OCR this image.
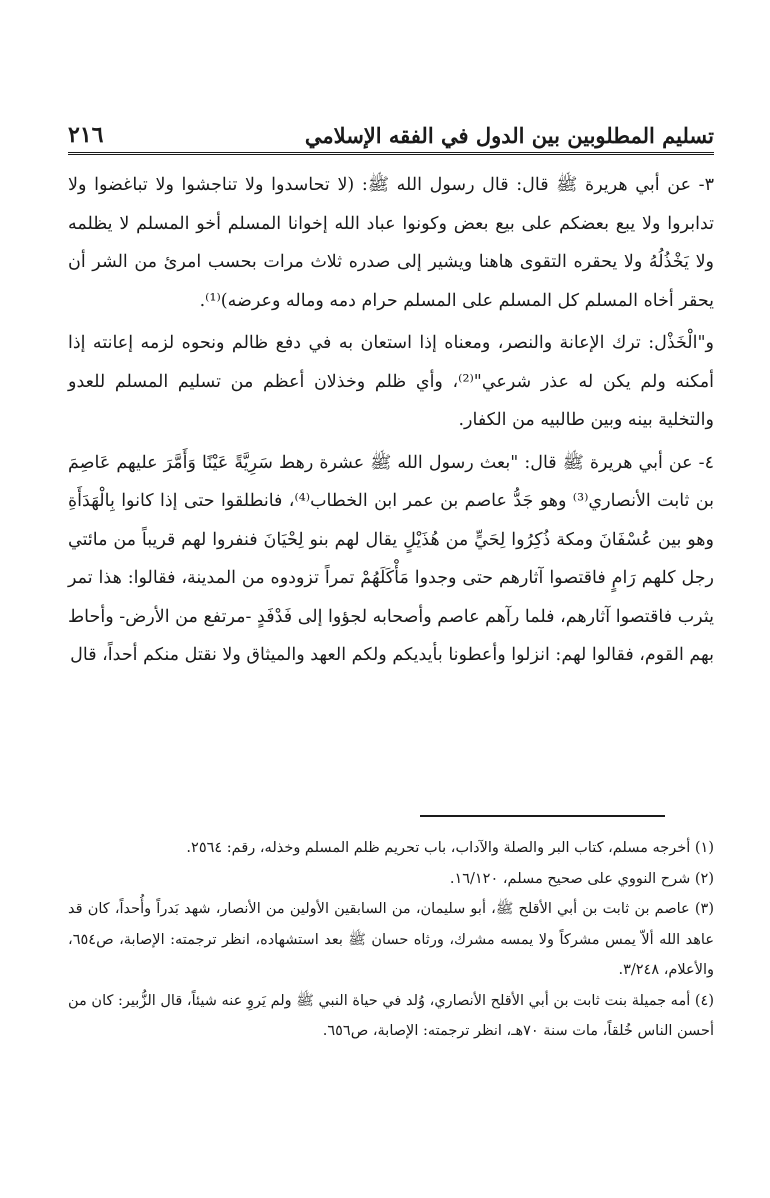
تسليم المطلوبين بين الدول في الفقه الإسلامي
٢١٦

٣- عن أبي هريرة ﷺ قال: قال رسول الله ﷺ: (لا تحاسدوا ولا تناجشوا ولا تباغضوا ولا تدابروا ولا يبع بعضكم على بيع بعض وكونوا عباد الله إخوانا المسلم أخو المسلم لا يظلمه ولا يَخْذُلُهُ ولا يحقره التقوى هاهنا ويشير إلى صدره ثلاث مرات بحسب امرئ من الشر أن يحقر أخاه المسلم كل المسلم على المسلم حرام دمه وماله وعرضه)⁽¹⁾.

و"الْخَذْل: ترك الإعانة والنصر، ومعناه إذا استعان به في دفع ظالم ونحوه لزمه إعانته إذا أمكنه ولم يكن له عذر شرعي"⁽²⁾، وأي ظلم وخذلان أعظم من تسليم المسلم للعدو والتخلية بينه وبين طالبيه من الكفار.

٤- عن أبي هريرة ﷺ قال: "بعث رسول الله ﷺ عشرة رهط سَرِيَّةً عَيْنًا وَأَمَّرَ عليهم عَاصِمَ بن ثابت الأنصاري⁽³⁾ وهو جَدُّ عاصم بن عمر ابن الخطاب⁽⁴⁾، فانطلقوا حتى إذا كانوا بِالْهَدَأَةِ وهو بين عُسْفَانَ ومكة ذُكِرُوا لِحَيٍّ من هُذَيْلٍ يقال لهم بنو لِحْيَانَ فنفروا لهم قريباً من مائتي رجل كلهم رَامٍ فاقتصوا آثارهم حتى وجدوا مَأْكَلَهُمْ تمراً تزودوه من المدينة، فقالوا: هذا تمر يثرب فاقتصوا آثارهم، فلما رآهم عاصم وأصحابه لجؤوا إلى فَدْفَدٍ -مرتفع من الأرض- وأحاط بهم القوم، فقالوا لهم: انزلوا وأعطونا بأيديكم ولكم العهد والميثاق ولا نقتل منكم أحداً، قال

(١) أخرجه مسلم، كتاب البر والصلة والآداب، باب تحريم ظلم المسلم وخذله، رقم: ٢٥٦٤.

(٢) شرح النووي على صحيح مسلم، ١٦/١٢٠.

(٣) عاصم بن ثابت بن أبي الأقلح ﷺ، أبو سليمان، من السابقين الأولين من الأنصار، شهد بَدراً وأُحداً، كان قد عاهد الله ألاّ يمس مشركاً ولا يمسه مشرك، ورثاه حسان ﷺ بعد استشهاده، انظر ترجمته: الإصابة، ص٦٥٤، والأعلام، ٣/٢٤٨.

(٤) أمه جميلة بنت ثابت بن أبي الأقلح الأنصاري، وُلد في حياة النبي ﷺ ولم يَروِ عنه شيئاً، قال الزُّبير: كان من أحسن الناس خُلقاً، مات سنة ٧٠هـ، انظر ترجمته: الإصابة، ص٦٥٦.
